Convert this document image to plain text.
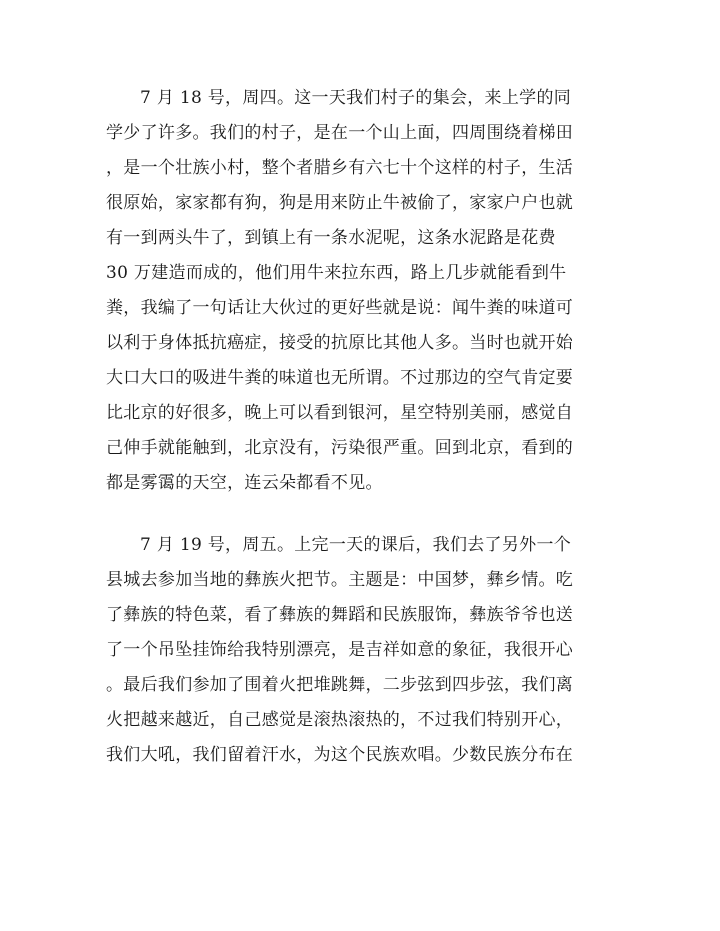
7 月 18 号，周四。这一天我们村子的集会，来上学的同
学少了许多。我们的村子，是在一个山上面，四周围绕着梯田
，是一个壮族小村，整个者腊乡有六七十个这样的村子，生活
很原始，家家都有狗，狗是用来防止牛被偷了，家家户户也就
有一到两头牛了，到镇上有一条水泥呢，这条水泥路是花费
30 万建造而成的，他们用牛来拉东西，路上几步就能看到牛
粪，我编了一句话让大伙过的更好些就是说：闻牛粪的味道可
以利于身体抵抗癌症，接受的抗原比其他人多。当时也就开始
大口大口的吸进牛粪的味道也无所谓。不过那边的空气肯定要
比北京的好很多，晚上可以看到银河，星空特别美丽，感觉自
己伸手就能触到，北京没有，污染很严重。回到北京，看到的
都是雾霭的天空，连云朵都看不见。
7 月 19 号，周五。上完一天的课后，我们去了另外一个
县城去参加当地的彝族火把节。主题是：中国梦，彝乡情。吃
了彝族的特色菜，看了彝族的舞蹈和民族服饰，彝族爷爷也送
了一个吊坠挂饰给我特别漂亮，是吉祥如意的象征，我很开心
。最后我们参加了围着火把堆跳舞，二步弦到四步弦，我们离
火把越来越近，自己感觉是滚热滚热的，不过我们特别开心，
我们大吼，我们留着汗水，为这个民族欢唱。少数民族分布在
